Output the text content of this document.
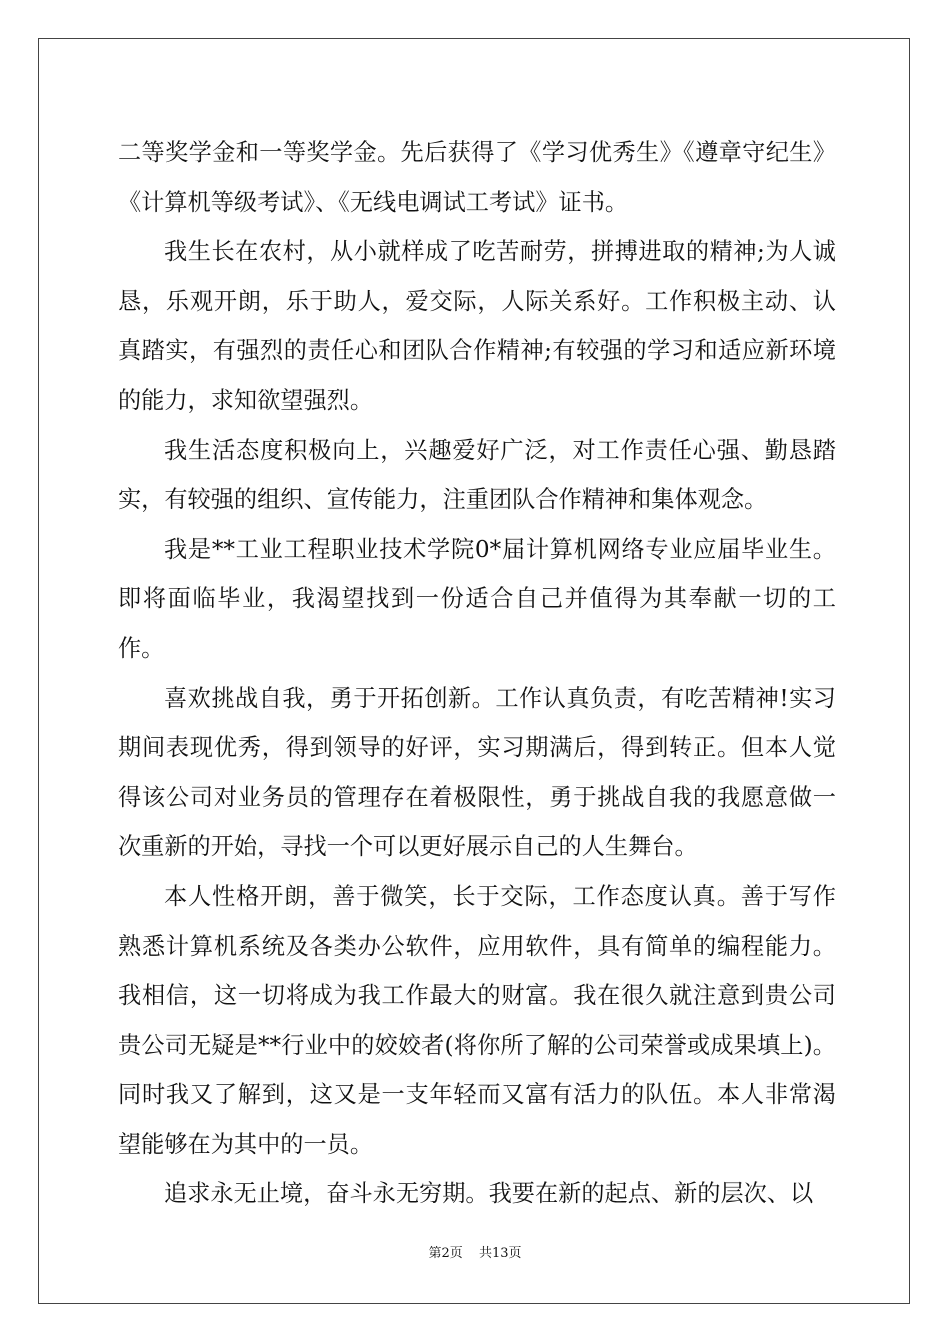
二等奖学金和一等奖学金。先后获得了《学习优秀生》《遵章守纪生》《计算机等级考试》、《无线电调试工考试》证书。

我生长在农村，从小就样成了吃苦耐劳，拼搏进取的精神;为人诚恳，乐观开朗，乐于助人，爱交际，人际关系好。工作积极主动、认真踏实，有强烈的责任心和团队合作精神;有较强的学习和适应新环境的能力，求知欲望强烈。

我生活态度积极向上，兴趣爱好广泛，对工作责任心强、勤恳踏实，有较强的组织、宣传能力，注重团队合作精神和集体观念。

我是**工业工程职业技术学院0*届计算机网络专业应届毕业生。即将面临毕业，我渴望找到一份适合自己并值得为其奉献一切的工作。

喜欢挑战自我，勇于开拓创新。工作认真负责，有吃苦精神!实习期间表现优秀，得到领导的好评，实习期满后，得到转正。但本人觉得该公司对业务员的管理存在着极限性，勇于挑战自我的我愿意做一次重新的开始，寻找一个可以更好展示自己的人生舞台。

本人性格开朗，善于微笑，长于交际，工作态度认真。善于写作熟悉计算机系统及各类办公软件，应用软件，具有简单的编程能力。我相信，这一切将成为我工作最大的财富。我在很久就注意到贵公司贵公司无疑是**行业中的姣姣者(将你所了解的公司荣誉或成果填上)。同时我又了解到，这又是一支年轻而又富有活力的队伍。本人非常渴望能够在为其中的一员。

追求永无止境，奋斗永无穷期。我要在新的起点、新的层次、以

第2页 共13页
